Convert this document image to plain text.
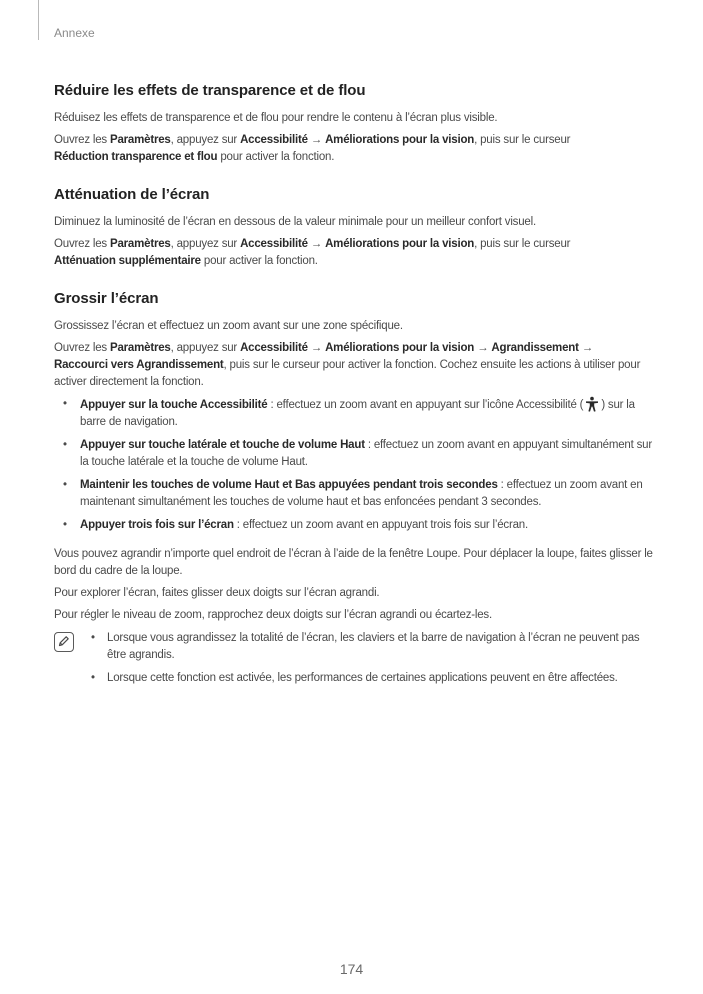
Annexe
Réduire les effets de transparence et de flou

Réduisez les effets de transparence et de flou pour rendre le contenu à l’écran plus visible.

Ouvrez les Paramètres, appuyez sur Accessibilité → Améliorations pour la vision, puis sur le curseur
Réduction transparence et flou pour activer la fonction.

Atténuation de l’écran

Diminuez la luminosité de l’écran en dessous de la valeur minimale pour un meilleur confort visuel.

Ouvrez les Paramètres, appuyez sur Accessibilité → Améliorations pour la vision, puis sur le curseur
Atténuation supplémentaire pour activer la fonction.

Grossir l’écran

Grossissez l’écran et effectuez un zoom avant sur une zone spécifique.

Ouvrez les Paramètres, appuyez sur Accessibilité → Améliorations pour la vision → Agrandissement →
Raccourci vers Agrandissement, puis sur le curseur pour activer la fonction. Cochez ensuite les actions à utiliser pour activer directement la fonction.

• Appuyer sur la touche Accessibilité : effectuez un zoom avant en appuyant sur l’icône Accessibilité ( ) sur la barre de navigation.
• Appuyer sur touche latérale et touche de volume Haut : effectuez un zoom avant en appuyant simultanément sur la touche latérale et la touche de volume Haut.
• Maintenir les touches de volume Haut et Bas appuyées pendant trois secondes : effectuez un zoom avant en maintenant simultanément les touches de volume haut et bas enfoncées pendant 3 secondes.
• Appuyer trois fois sur l’écran : effectuez un zoom avant en appuyant trois fois sur l’écran.

Vous pouvez agrandir n’importe quel endroit de l’écran à l’aide de la fenêtre Loupe. Pour déplacer la loupe, faites glisser le bord du cadre de la loupe.

Pour explorer l’écran, faites glisser deux doigts sur l’écran agrandi.

Pour régler le niveau de zoom, rapprochez deux doigts sur l’écran agrandi ou écartez-les.

• Lorsque vous agrandissez la totalité de l’écran, les claviers et la barre de navigation à l’écran ne peuvent pas être agrandis.
• Lorsque cette fonction est activée, les performances de certaines applications peuvent en être affectées.
174
